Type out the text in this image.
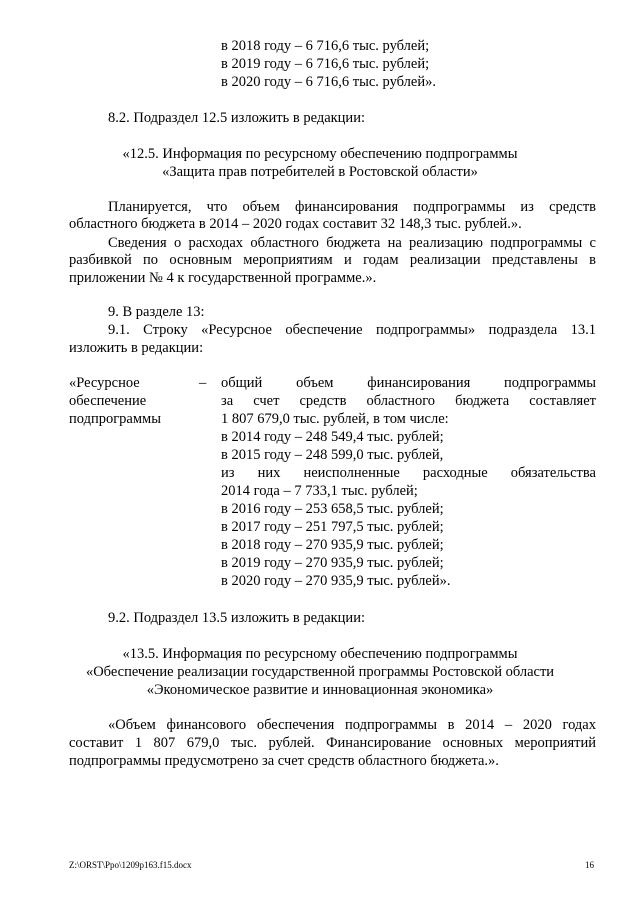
в 2018 году – 6 716,6 тыс. рублей;
в 2019 году – 6 716,6 тыс. рублей;
в 2020 году – 6 716,6 тыс. рублей».
8.2. Подраздел 12.5 изложить в редакции:
«12.5. Информация по ресурсному обеспечению подпрограммы
«Защита прав потребителей в Ростовской области»
Планируется, что объем финансирования подпрограммы из средств
областного бюджета в 2014 – 2020 годах составит 32 148,3 тыс. рублей.».
Сведения о расходах областного бюджета на реализацию подпрограммы с
разбивкой по основным мероприятиям и годам реализации представлены в
приложении № 4 к государственной программе.».
9. В разделе 13:
9.1. Строку «Ресурсное обеспечение подпрограммы» подраздела 13.1
изложить в редакции:
«Ресурсное
обеспечение
подпрограммы
– общий объем финансирования подпрограммы
за счет средств областного бюджета составляет
1 807 679,0 тыс. рублей, в том числе:
в 2014 году – 248 549,4 тыс. рублей;
в 2015 году – 248 599,0 тыс. рублей,
из них неисполненные расходные обязательства
2014 года – 7 733,1 тыс. рублей;
в 2016 году – 253 658,5 тыс. рублей;
в 2017 году – 251 797,5 тыс. рублей;
в 2018 году – 270 935,9 тыс. рублей;
в 2019 году – 270 935,9 тыс. рублей;
в 2020 году – 270 935,9 тыс. рублей».
9.2. Подраздел 13.5 изложить в редакции:
«13.5. Информация по ресурсному обеспечению подпрограммы
«Обеспечение реализации государственной программы Ростовской области
«Экономическое развитие и инновационная экономика»
«Объем финансового обеспечения подпрограммы в 2014 – 2020 годах
составит 1 807 679,0 тыс. рублей. Финансирование основных мероприятий
подпрограммы предусмотрено за счет средств областного бюджета.».
Z:\ORST\Ppo\1209p163.f15.docx	16
